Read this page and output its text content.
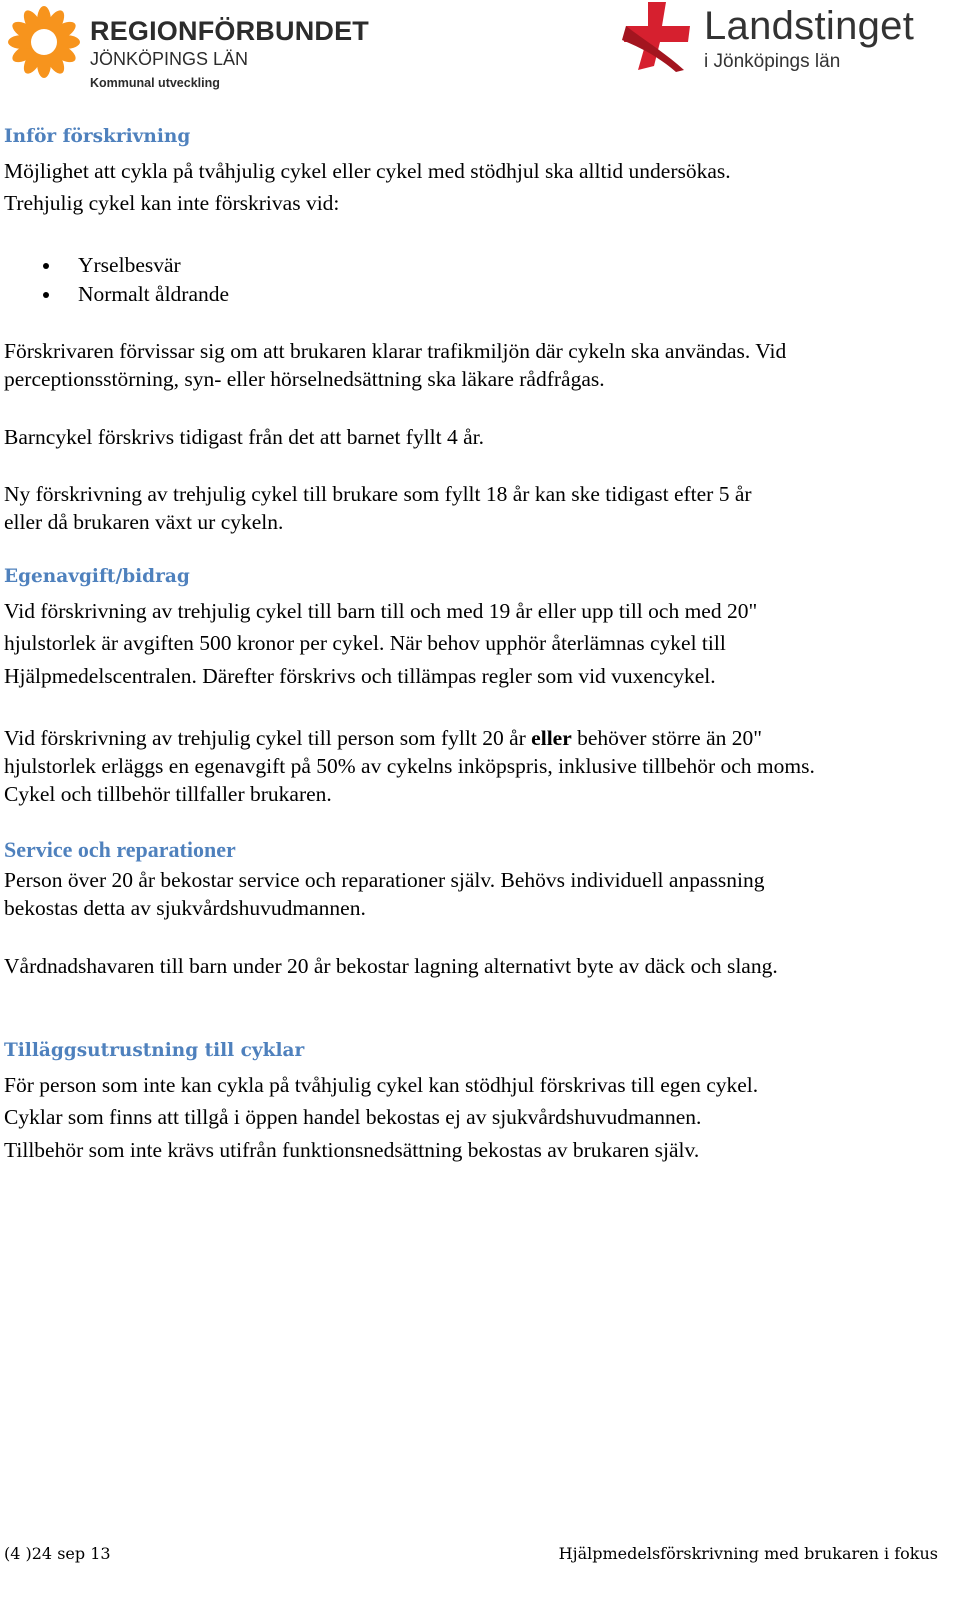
REGIONFÖRBUNDET
JÖNKÖPINGS LÄN
Kommunal utveckling
Landstinget
i Jönköpings län
Inför förskrivning

Möjlighet att cykla på tvåhjulig cykel eller cykel med stödhjul ska alltid undersökas.

Trehjulig cykel kan inte förskrivas vid:

Yrselbesvär
Normalt åldrande

Förskrivaren förvissar sig om att brukaren klarar trafikmiljön där cykeln ska användas. Vid

perceptionsstörning, syn- eller hörselnedsättning ska läkare rådfrågas.

Barncykel förskrivs tidigast från det att barnet fyllt 4 år.

Ny förskrivning av trehjulig cykel till brukare som fyllt 18 år kan ske tidigast efter 5 år

eller då brukaren växt ur cykeln.

Egenavgift/bidrag

Vid förskrivning av trehjulig cykel till barn till och med 19 år eller upp till och med 20"

hjulstorlek är avgiften 500 kronor per cykel. När behov upphör återlämnas cykel till

Hjälpmedelscentralen. Därefter förskrivs och tillämpas regler som vid vuxencykel.

Vid förskrivning av trehjulig cykel till person som fyllt 20 år eller behöver större än 20"

hjulstorlek erläggs en egenavgift på 50% av cykelns inköpspris, inklusive tillbehör och moms.

Cykel och tillbehör tillfaller brukaren.

Service och reparationer

Person över 20 år bekostar service och reparationer själv. Behövs individuell anpassning

bekostas detta av sjukvårdshuvudmannen.

Vårdnadshavaren till barn under 20 år bekostar lagning alternativt byte av däck och slang.

Tilläggsutrustning till cyklar

För person som inte kan cykla på tvåhjulig cykel kan stödhjul förskrivas till egen cykel.

Cyklar som finns att tillgå i öppen handel bekostas ej av sjukvårdshuvudmannen.

Tillbehör som inte krävs utifrån funktionsnedsättning bekostas av brukaren själv.

(4 )24 sep 13	Hjälpmedelsförskrivning med brukaren i fokus
